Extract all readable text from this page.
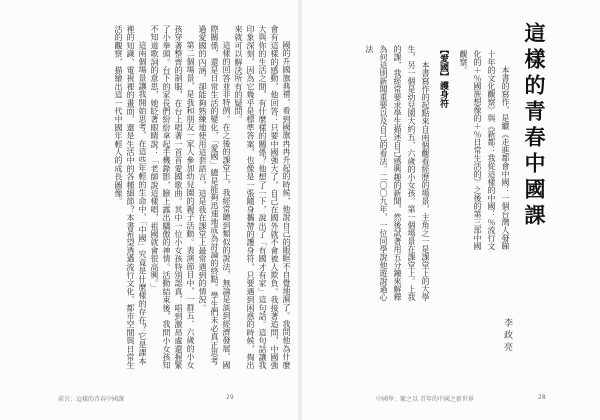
國的升國旗典禮，看到國旗冉冉升起的時候，他說自己的眼眶不自覺地濕了。我問他為什麼會有這樣的感動，他回答：只要中國強大了，自己在國外就不會被人欺負。我接著追問，中國強大與你的生活之間，有什麼樣的關係？他想了一下，說出了「有國才有家」這句話。這句話讓我印象深刻，因為它幾乎是標準答案，也像是一張隨身攜帶的護身符，只要遇到困惑的時候，掏出來就可以解決所有的疑問。

這樣的回答並非特例。在之後的課堂上，我經常聽到類似的說法，無論是談到經濟發展、國際關係，還是日常生活的變化，「愛國」總是能夠迅速地成為討論的終點。學生們未必真正思考過愛國的內涵，卻能夠熟練地使用這套語言，這是我在課堂上最常遇到的情況。

第二個場景，是我和朋友一家人參加幼兒園的親子活動。表演節目中，一群五、六歲的小女孩穿著整齊的制服，在台上唱著一首首愛國歌曲。其中一位小女孩特別認真，唱到激昂處還握緊了小拳頭。台下的家長們紛紛拿起手機錄影，臉上露出驕傲的神情。活動結束後，我問小女孩知不知道歌詞的意思，她眨著眼睛說：「老師說這樣唱，祖國就會很高興。」

這兩個場景讓我開始思考，在這些年輕的生命中，「中國」究竟是什麼樣的存在？它是課本裡的知識、電視裡的畫面，還是生活中的各種細節？本書希望透過流行文化、都市空間與日常生活的觀察，描繪出這一代中國年輕人的成長圖像。

前言：這樣的青春中國課	29
這樣的青春中國課

本書的寫作，是繼《走進都會中國：一個台灣人發睇十年的文化觀察》與《新都：我從這樣的中國：％流行文化的＋％國族想像的＋％日常生活的》之後的第三部中國觀察。

【愛國】護身符

本書寫作的起點來自兩個觀看經歷的場景，主角之一是課堂上的大學生，另一個是幼兒園大約五、六歲的小女孩。第一個場景在課堂上。上我的課，我經常要求學生描述自己感興趣的新聞，然後試著用五分鐘來解釋為何這則新聞重要以及自己的看法。二〇〇九年，一位同學說他遊說過心法

李政亮
中國學：繁之以 青年的中國之新世界	28
